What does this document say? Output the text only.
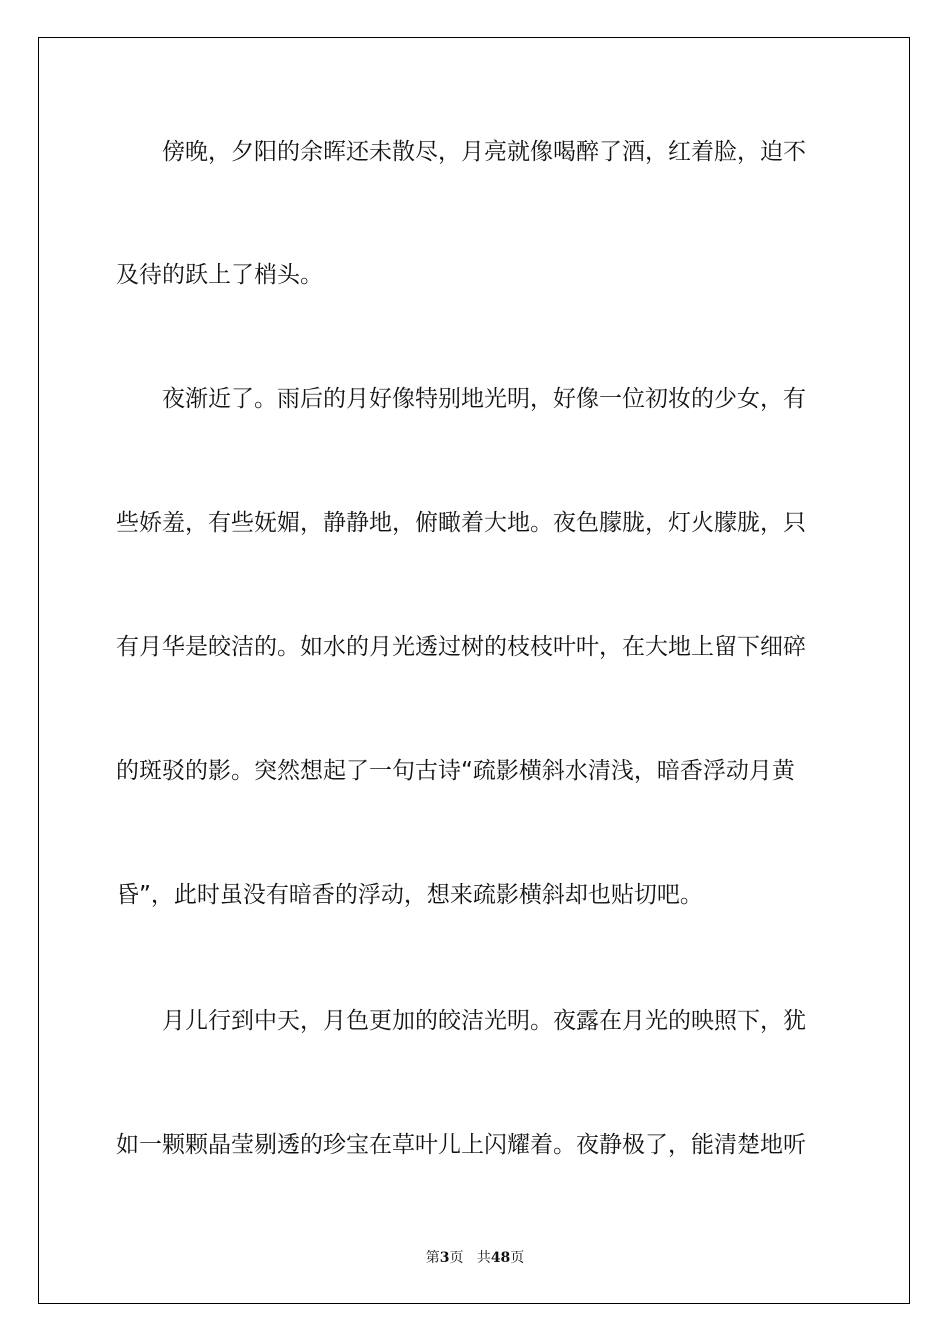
　　傍晚，夕阳的余晖还未散尽，月亮就像喝醉了酒，红着脸，迫不
及待的跃上了梢头。
　　夜渐近了。雨后的月好像特别地光明，好像一位初妆的少女，有
些娇羞，有些妩媚，静静地，俯瞰着大地。夜色朦胧，灯火朦胧，只
有月华是皎洁的。如水的月光透过树的枝枝叶叶，在大地上留下细碎
的斑驳的影。突然想起了一句古诗“疏影横斜水清浅，暗香浮动月黄
昏”，此时虽没有暗香的浮动，想来疏影横斜却也贴切吧。
　　月儿行到中天，月色更加的皎洁光明。夜露在月光的映照下，犹
如一颗颗晶莹剔透的珍宝在草叶儿上闪耀着。夜静极了，能清楚地听
第3页 共48页
